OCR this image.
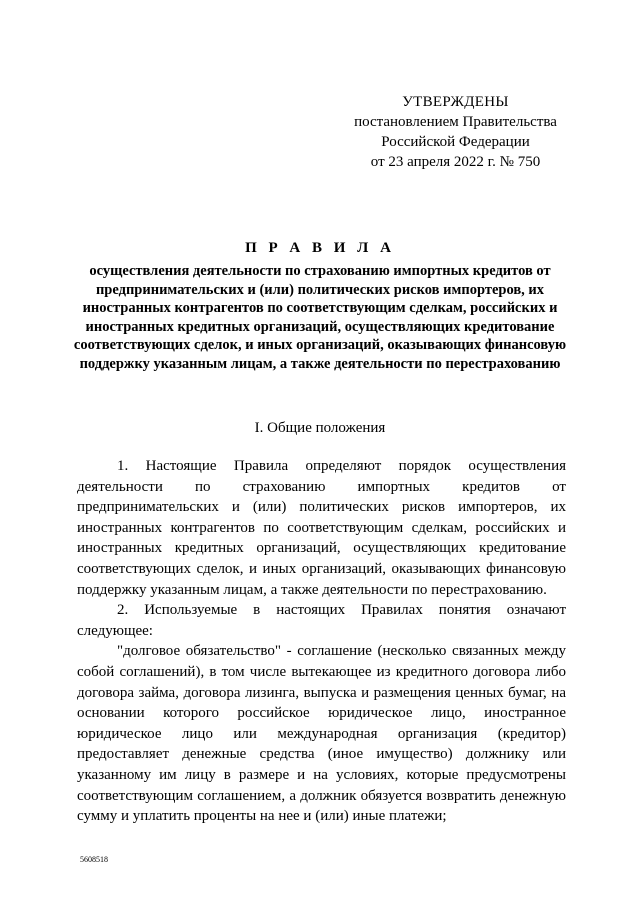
УТВЕРЖДЕНЫ
постановлением Правительства
Российской Федерации
от 23 апреля 2022 г. № 750
П Р А В И Л А
осуществления деятельности по страхованию импортных кредитов от предпринимательских и (или) политических рисков импортеров, их иностранных контрагентов по соответствующим сделкам, российских и иностранных кредитных организаций, осуществляющих кредитование соответствующих сделок, и иных организаций, оказывающих финансовую поддержку указанным лицам, а также деятельности по перестрахованию
I. Общие положения

1. Настоящие Правила определяют порядок осуществления деятельности по страхованию импортных кредитов от предпринимательских и (или) политических рисков импортеров, их иностранных контрагентов по соответствующим сделкам, российских и иностранных кредитных организаций, осуществляющих кредитование соответствующих сделок, и иных организаций, оказывающих финансовую поддержку указанным лицам, а также деятельности по перестрахованию.

2. Используемые в настоящих Правилах понятия означают следующее:

"долговое обязательство" - соглашение (несколько связанных между собой соглашений), в том числе вытекающее из кредитного договора либо договора займа, договора лизинга, выпуска и размещения ценных бумаг, на основании которого российское юридическое лицо, иностранное юридическое лицо или международная организация (кредитор) предоставляет денежные средства (иное имущество) должнику или указанному им лицу в размере и на условиях, которые предусмотрены соответствующим соглашением, а должник обязуется возвратить денежную сумму и уплатить проценты на нее и (или) иные платежи;

5608518
